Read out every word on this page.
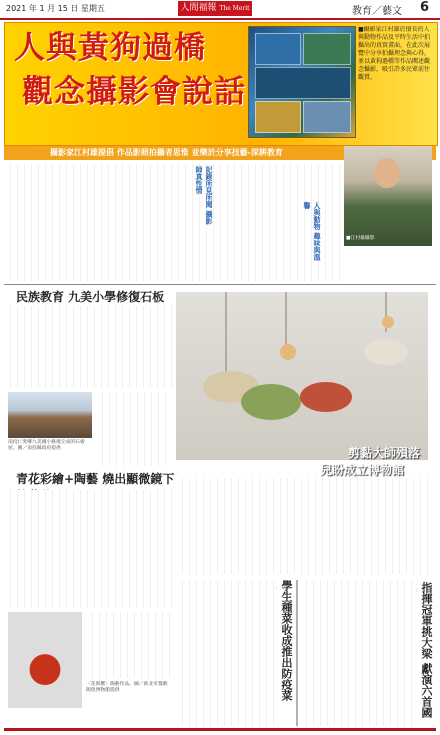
2021 年 1 月 15 日 星期五	人間福報 The Merit	教育／藝文 6
人與黃狗過橋
觀念攝影會說話
■攝影家江村雄於擅長的人與動物作品及平時生活中拍攝出的真實畫面，在此次展覽中分享拍攝理念與心得，並以黃狗過橋等作品闡述觀念攝影，吸引許多民眾前往觀賞。
攝影家江村雄提倡 作品影照拍攝者思惟 並樂於分享技藝-深耕教育
■江村雄攝影
記錄所見所聞 攝影師真性情
人與動物 趣味與溫馨
民族教育 九美小學修復石板
南投仁愛鄉九美國小修復完成的石板屋。圖／南投縣政府提供
青花彩繪+陶藝 燒出顯微鏡下
〈花與蟹〉陶藝作品。圖／新北市鶯歌陶瓷博物館提供
剪黏大師殞落
兒盼成立博物館
學生種菜收成推出防疫菜
指揮冠軍挑大梁 獻演六首國
